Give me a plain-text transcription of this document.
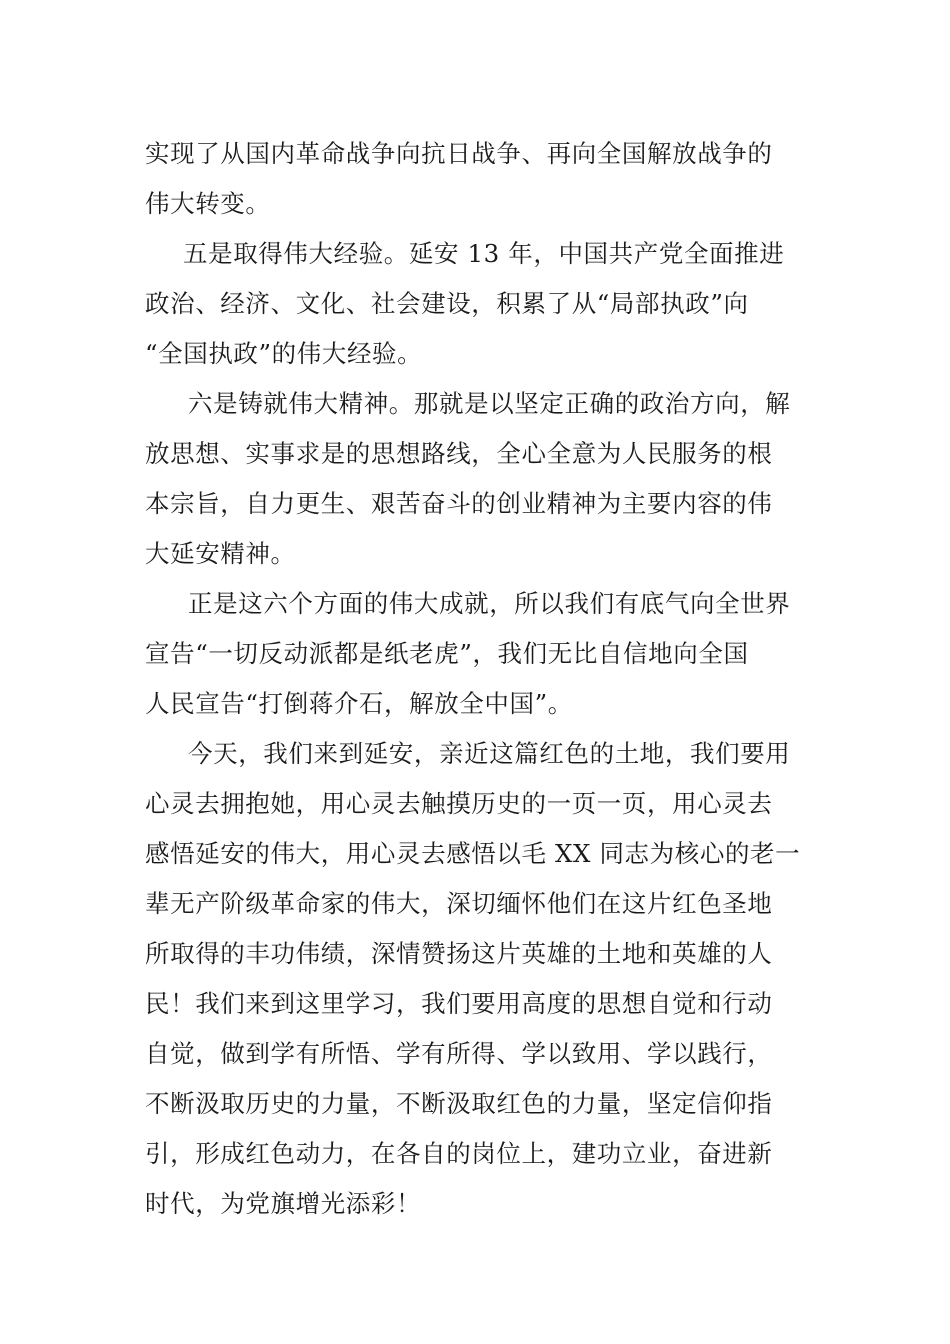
实现了从国内革命战争向抗日战争、再向全国解放战争的
伟大转变。
五是取得伟大经验。延安 13 年，中国共产党全面推进
政治、经济、文化、社会建设，积累了从“局部执政”向
“全国执政”的伟大经验。
六是铸就伟大精神。那就是以坚定正确的政治方向，解
放思想、实事求是的思想路线，全心全意为人民服务的根
本宗旨，自力更生、艰苦奋斗的创业精神为主要内容的伟
大延安精神。
正是这六个方面的伟大成就，所以我们有底气向全世界
宣告“一切反动派都是纸老虎”，我们无比自信地向全国
人民宣告“打倒蒋介石，解放全中国”。
今天，我们来到延安，亲近这篇红色的土地，我们要用
心灵去拥抱她，用心灵去触摸历史的一页一页，用心灵去
感悟延安的伟大，用心灵去感悟以毛 XX 同志为核心的老一
辈无产阶级革命家的伟大，深切缅怀他们在这片红色圣地
所取得的丰功伟绩，深情赞扬这片英雄的土地和英雄的人
民！我们来到这里学习，我们要用高度的思想自觉和行动
自觉，做到学有所悟、学有所得、学以致用、学以践行，
不断汲取历史的力量，不断汲取红色的力量，坚定信仰指
引，形成红色动力，在各自的岗位上，建功立业，奋进新
时代，为党旗增光添彩！
